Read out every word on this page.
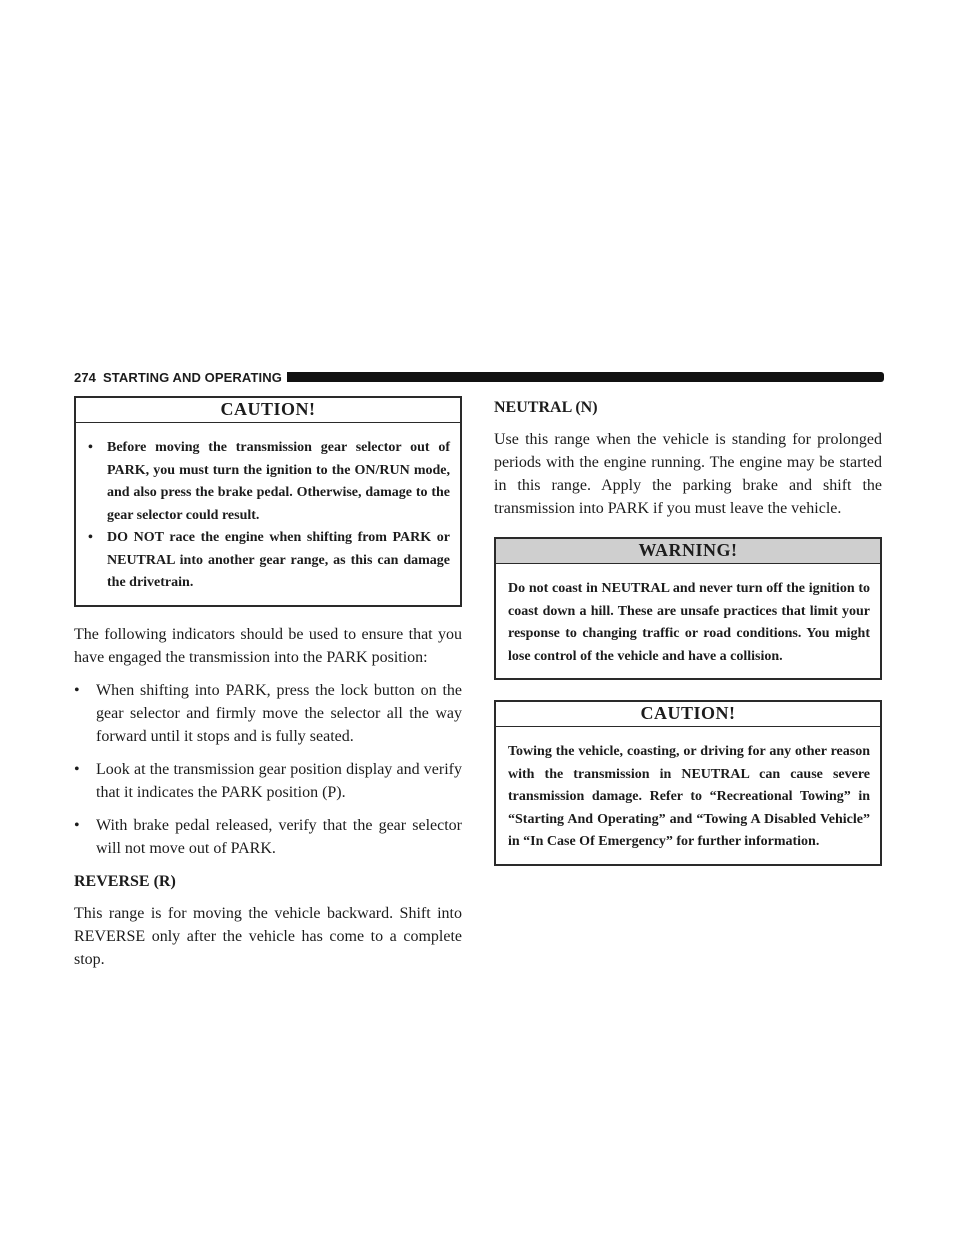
274 STARTING AND OPERATING
CAUTION!
• Before moving the transmission gear selector out of PARK, you must turn the ignition to the ON/RUN mode, and also press the brake pedal. Otherwise, damage to the gear selector could result.
• DO NOT race the engine when shifting from PARK or NEUTRAL into another gear range, as this can damage the drivetrain.

The following indicators should be used to ensure that you have engaged the transmission into the PARK position:

• When shifting into PARK, press the lock button on the gear selector and firmly move the selector all the way forward until it stops and is fully seated.
• Look at the transmission gear position display and verify that it indicates the PARK position (P).
• With brake pedal released, verify that the gear selector will not move out of PARK.
REVERSE (R)

This range is for moving the vehicle backward. Shift into REVERSE only after the vehicle has come to a complete stop.

NEUTRAL (N)

Use this range when the vehicle is standing for prolonged periods with the engine running. The engine may be started in this range. Apply the parking brake and shift the transmission into PARK if you must leave the vehicle.

WARNING!
Do not coast in NEUTRAL and never turn off the ignition to coast down a hill. These are unsafe practices that limit your response to changing traffic or road conditions. You might lose control of the vehicle and have a collision.
CAUTION!
Towing the vehicle, coasting, or driving for any other reason with the transmission in NEUTRAL can cause severe transmission damage. Refer to “Recreational Towing” in “Starting And Operating” and “Towing A Disabled Vehicle” in “In Case Of Emergency” for further information.
